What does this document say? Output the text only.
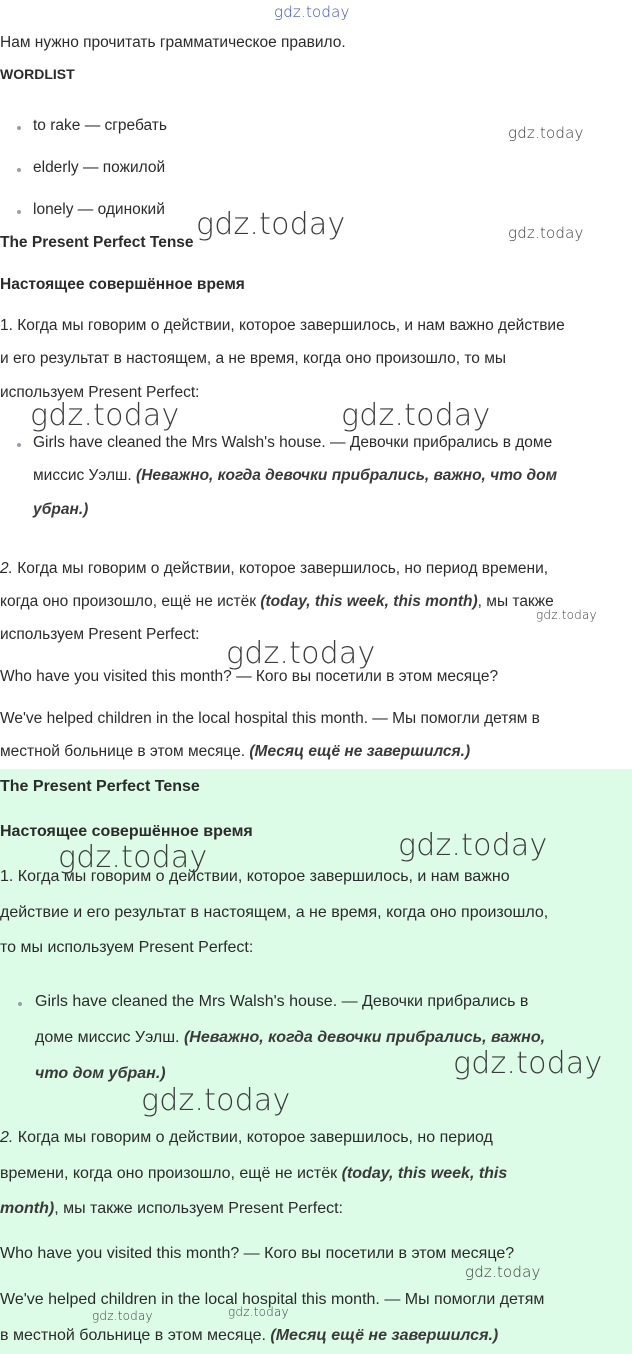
gdz.today
Нам нужно прочитать грамматическое правило.
WORDLIST
to rake — сгребать
elderly — пожилой
lonely — одинокий
gdz.today
gdz.today	gdz.today
The Present Perfect Tense
Настоящее совершённое время
1. Когда мы говорим о действии, которое завершилось, и нам важно действие
и его результат в настоящем, а не время, когда оно произошло, то мы
используем Present Perfect:
gdz.today	gdz.today
Girls have cleaned the Mrs Walsh's house. — Девочки прибрались в доме
миссис Уэлш. (Неважно, когда девочки прибрались, важно, что дом
убран.)
2. Когда мы говорим о действии, которое завершилось, но период времени,
когда оно произошло, ещё не истёк (today, this week, this month), мы также
используем Present Perfect:
gdz.today
gdz.today
Who have you visited this month? — Кого вы посетили в этом месяце?
We've helped children in the local hospital this month. — Мы помогли детям в
местной больнице в этом месяце. (Месяц ещё не завершился.)
The Present Perfect Tense
Настоящее совершённое время
gdz.today	gdz.today
1. Когда мы говорим о действии, которое завершилось, и нам важно
действие и его результат в настоящем, а не время, когда оно произошло,
то мы используем Present Perfect:
Girls have cleaned the Mrs Walsh's house. — Девочки прибрались в
доме миссис Уэлш. (Неважно, когда девочки прибрались, важно,
что дом убран.)	gdz.today
gdz.today
2. Когда мы говорим о действии, которое завершилось, но период
времени, когда оно произошло, ещё не истёк (today, this week, this
month), мы также используем Present Perfect:
Who have you visited this month? — Кого вы посетили в этом месяце?
gdz.today
We've helped children in the local hospital this month. — Мы помогли детям
gdz.today	gdz.today
в местной больнице в этом месяце. (Месяц ещё не завершился.)
